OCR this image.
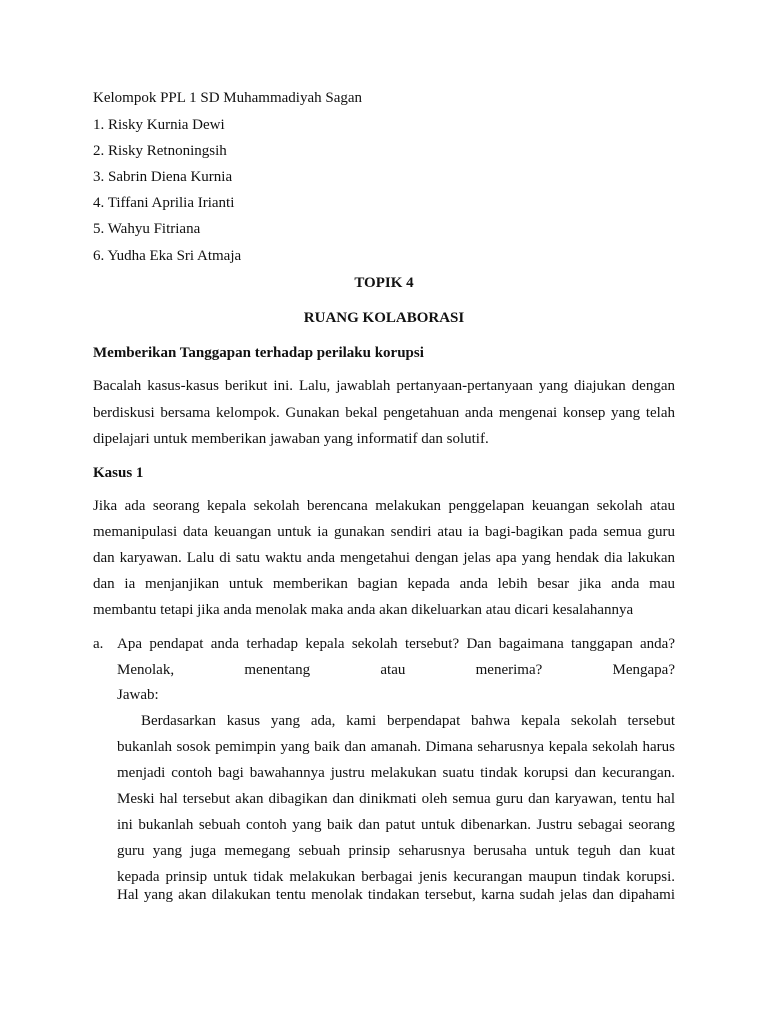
Kelompok PPL 1 SD Muhammadiyah Sagan
1. Risky Kurnia Dewi
2. Risky Retnoningsih
3. Sabrin Diena Kurnia
4. Tiffani Aprilia Irianti
5. Wahyu Fitriana
6. Yudha Eka Sri Atmaja
TOPIK 4
RUANG KOLABORASI
Memberikan Tanggapan terhadap perilaku korupsi
Bacalah kasus-kasus berikut ini. Lalu, jawablah pertanyaan-pertanyaan yang diajukan dengan
berdiskusi bersama kelompok. Gunakan bekal pengetahuan anda mengenai konsep yang telah
dipelajari untuk memberikan jawaban yang informatif dan solutif.
Kasus 1
Jika ada seorang kepala sekolah berencana melakukan penggelapan keuangan sekolah atau
memanipulasi data keuangan untuk ia gunakan sendiri atau ia bagi-bagikan pada semua guru
dan karyawan. Lalu di satu waktu anda mengetahui dengan jelas apa yang hendak dia lakukan
dan ia menjanjikan untuk memberikan bagian kepada anda lebih besar jika anda mau
membantu tetapi jika anda menolak maka anda akan dikeluarkan atau dicari kesalahannya
a. Apa pendapat anda terhadap kepala sekolah tersebut? Dan bagaimana tanggapan anda?
Menolak, menentang atau menerima? Mengapa?
Jawab:
Berdasarkan kasus yang ada, kami berpendapat bahwa kepala sekolah tersebut
bukanlah sosok pemimpin yang baik dan amanah. Dimana seharusnya kepala sekolah harus
menjadi contoh bagi bawahannya justru melakukan suatu tindak korupsi dan kecurangan.
Meski hal tersebut akan dibagikan dan dinikmati oleh semua guru dan karyawan, tentu hal
ini bukanlah sebuah contoh yang baik dan patut untuk dibenarkan. Justru sebagai seorang
guru yang juga memegang sebuah prinsip seharusnya berusaha untuk teguh dan kuat
kepada prinsip untuk tidak melakukan berbagai jenis kecurangan maupun tindak korupsi.
Hal yang akan dilakukan tentu menolak tindakan tersebut, karna sudah jelas dan dipahami
